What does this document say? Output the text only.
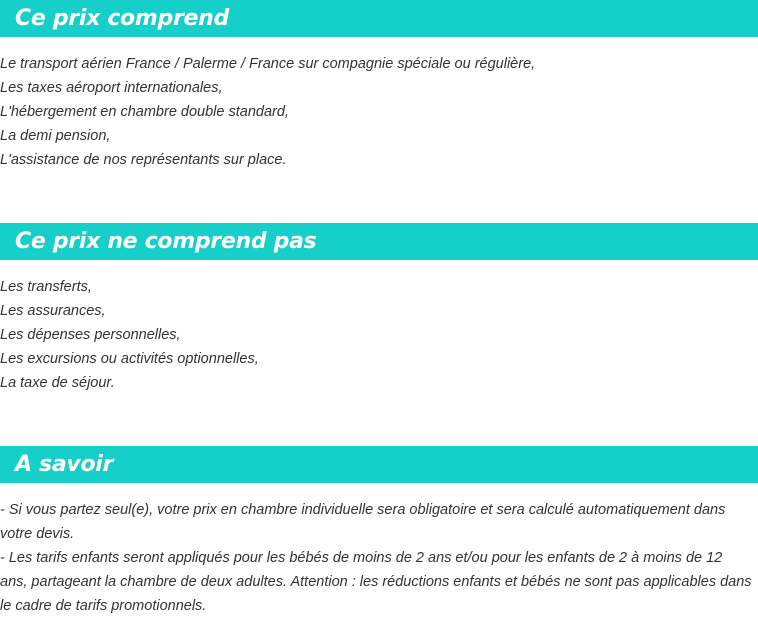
Ce prix comprend
Le transport aérien France / Palerme / France sur compagnie spéciale ou régulière,
Les taxes aéroport internationales,
L'hébergement en chambre double standard,
La demi pension,
L'assistance de nos représentants sur place.
Ce prix ne comprend pas
Les transferts,
Les assurances,
Les dépenses personnelles,
Les excursions ou activités optionnelles,
La taxe de séjour.
A savoir

- Si vous partez seul(e), votre prix en chambre individuelle sera obligatoire et sera calculé automatiquement dans votre devis.

- Les tarifs enfants seront appliqués pour les bébés de moins de 2 ans et/ou pour les enfants de 2 à moins de 12 ans, partageant la chambre de deux adultes. Attention : les réductions enfants et bébés ne sont pas applicables dans le cadre de tarifs promotionnels.
